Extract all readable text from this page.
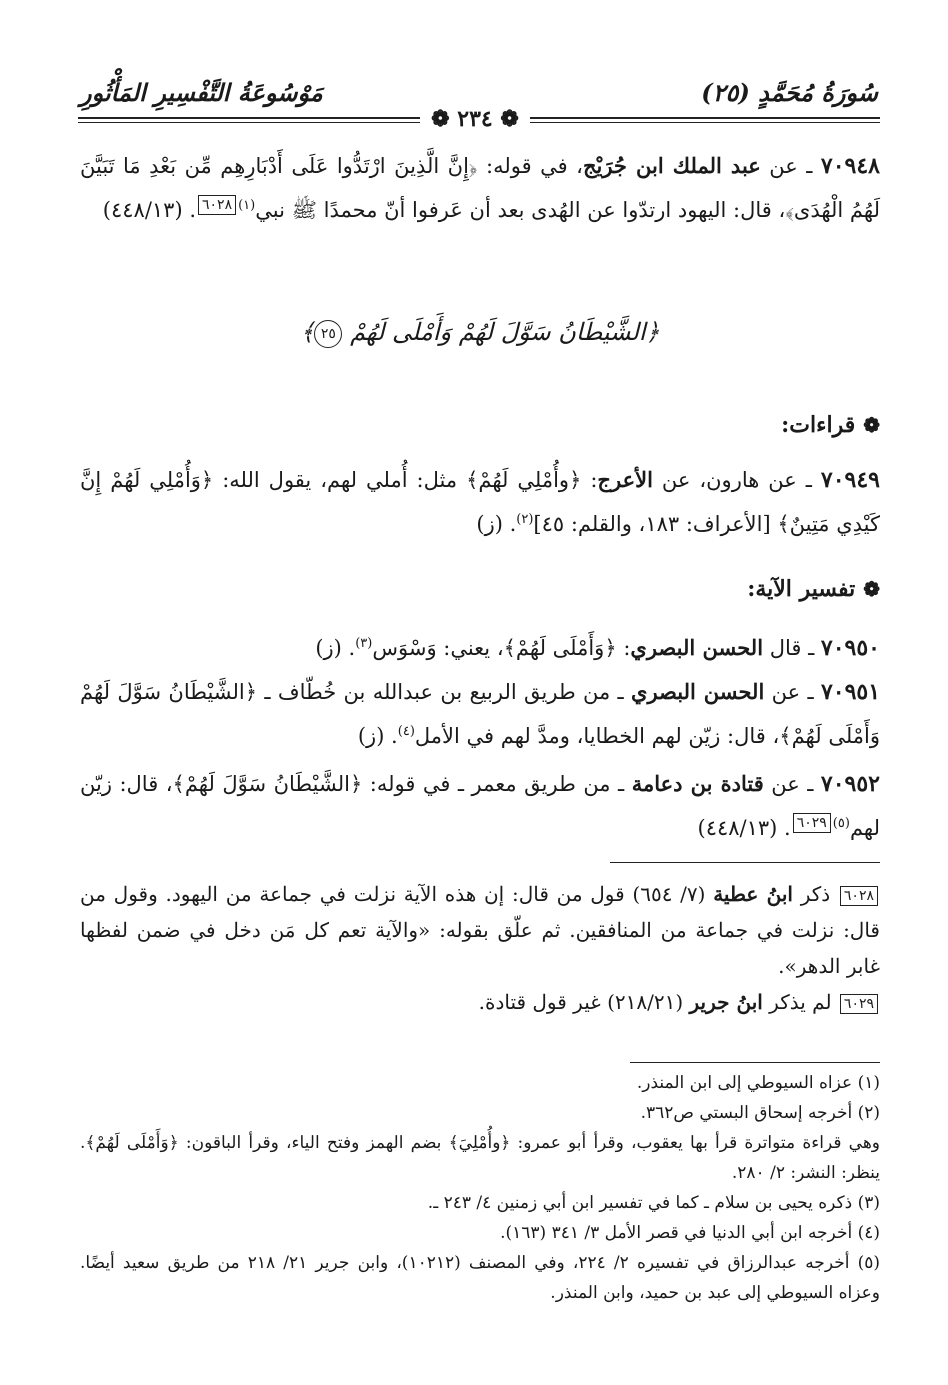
سُورَةُ مُحَمَّدٍ (٢٥)
مَوْسُوعَةُ التَّفْسِيرِ المَأْثُورِ
❁ ۲۳٤ ❁

٧٠٩٤٨ ـ عن عبد الملك ابن جُرَيْج، في قوله: ﴿إِنَّ الَّذِينَ ارْتَدُّوا عَلَى أَدْبَارِهِم مِّن بَعْدِ مَا تَبَيَّنَ لَهُمُ الْهُدَى﴾، قال: اليهود ارتدّوا عن الهُدى بعد أن عَرفوا أنّ محمدًا ﷺ نبي$^{(١)}$٦٠٢٨. (٤٤٨/١٣)

﴿الشَّيْطَانُ سَوَّلَ لَهُمْ وَأَمْلَى لَهُمْ ٢٥﴾
❁قراءات:

٧٠٩٤٩ ـ عن هارون، عن الأعرج: ﴿وأُمْلِي لَهُمْ﴾ مثل: أُملي لهم، يقول الله: ﴿وَأُمْلِي لَهُمْ إِنَّ كَيْدِي مَتِينٌ﴾ [الأعراف: ١٨٣، والقلم: ٤٥]$^{(٢)}$. (ز)

❁تفسير الآية:

٧٠٩٥٠ ـ قال الحسن البصري: ﴿وَأَمْلَى لَهُمْ﴾، يعني: وَسْوَس$^{(٣)}$. (ز)

٧٠٩٥١ ـ عن الحسن البصري ـ من طريق الربيع بن عبدالله بن خُطّاف ـ ﴿الشَّيْطَانُ سَوَّلَ لَهُمْ وَأَمْلَى لَهُمْ﴾، قال: زيّن لهم الخطايا، ومدَّ لهم في الأمل$^{(٤)}$. (ز)

٧٠٩٥٢ ـ عن قتادة بن دعامة ـ من طريق معمر ـ في قوله: ﴿الشَّيْطَانُ سَوَّلَ لَهُمْ﴾، قال: زيّن لهم$^{(٥)}$٦٠٢٩. (٤٤٨/١٣)

٦٠٢٨ ذكر ابنُ عطية (٧/ ٦٥٤) قول من قال: إن هذه الآية نزلت في جماعة من اليهود. وقول من قال: نزلت في جماعة من المنافقين. ثم علّق بقوله: «والآية تعم كل مَن دخل في ضمن لفظها غابر الدهر».

٦٠٢٩ لم يذكر ابنُ جرير (٢١٨/٢١) غير قول قتادة.

(١) عزاه السيوطي إلى ابن المنذر.

(٢) أخرجه إسحاق البستي ص٣٦٢.

وهي قراءة متواترة قرأ بها يعقوب، وقرأ أبو عمرو: ﴿وأُمْلِيَ﴾ بضم الهمز وفتح الياء، وقرأ الباقون: ﴿وَأَمْلَى لَهُمْ﴾. ينظر: النشر: ٢/ ٢٨٠.

(٣) ذكره يحيى بن سلام ـ كما في تفسير ابن أبي زمنين ٤/ ٢٤٣ ـ.

(٤) أخرجه ابن أبي الدنيا في قصر الأمل ٣/ ٣٤١ (١٦٣).

(٥) أخرجه عبدالرزاق في تفسيره ٢/ ٢٢٤، وفي المصنف (١٠٢١٢)، وابن جرير ٢١/ ٢١٨ من طريق سعيد أيضًا. وعزاه السيوطي إلى عبد بن حميد، وابن المنذر.
